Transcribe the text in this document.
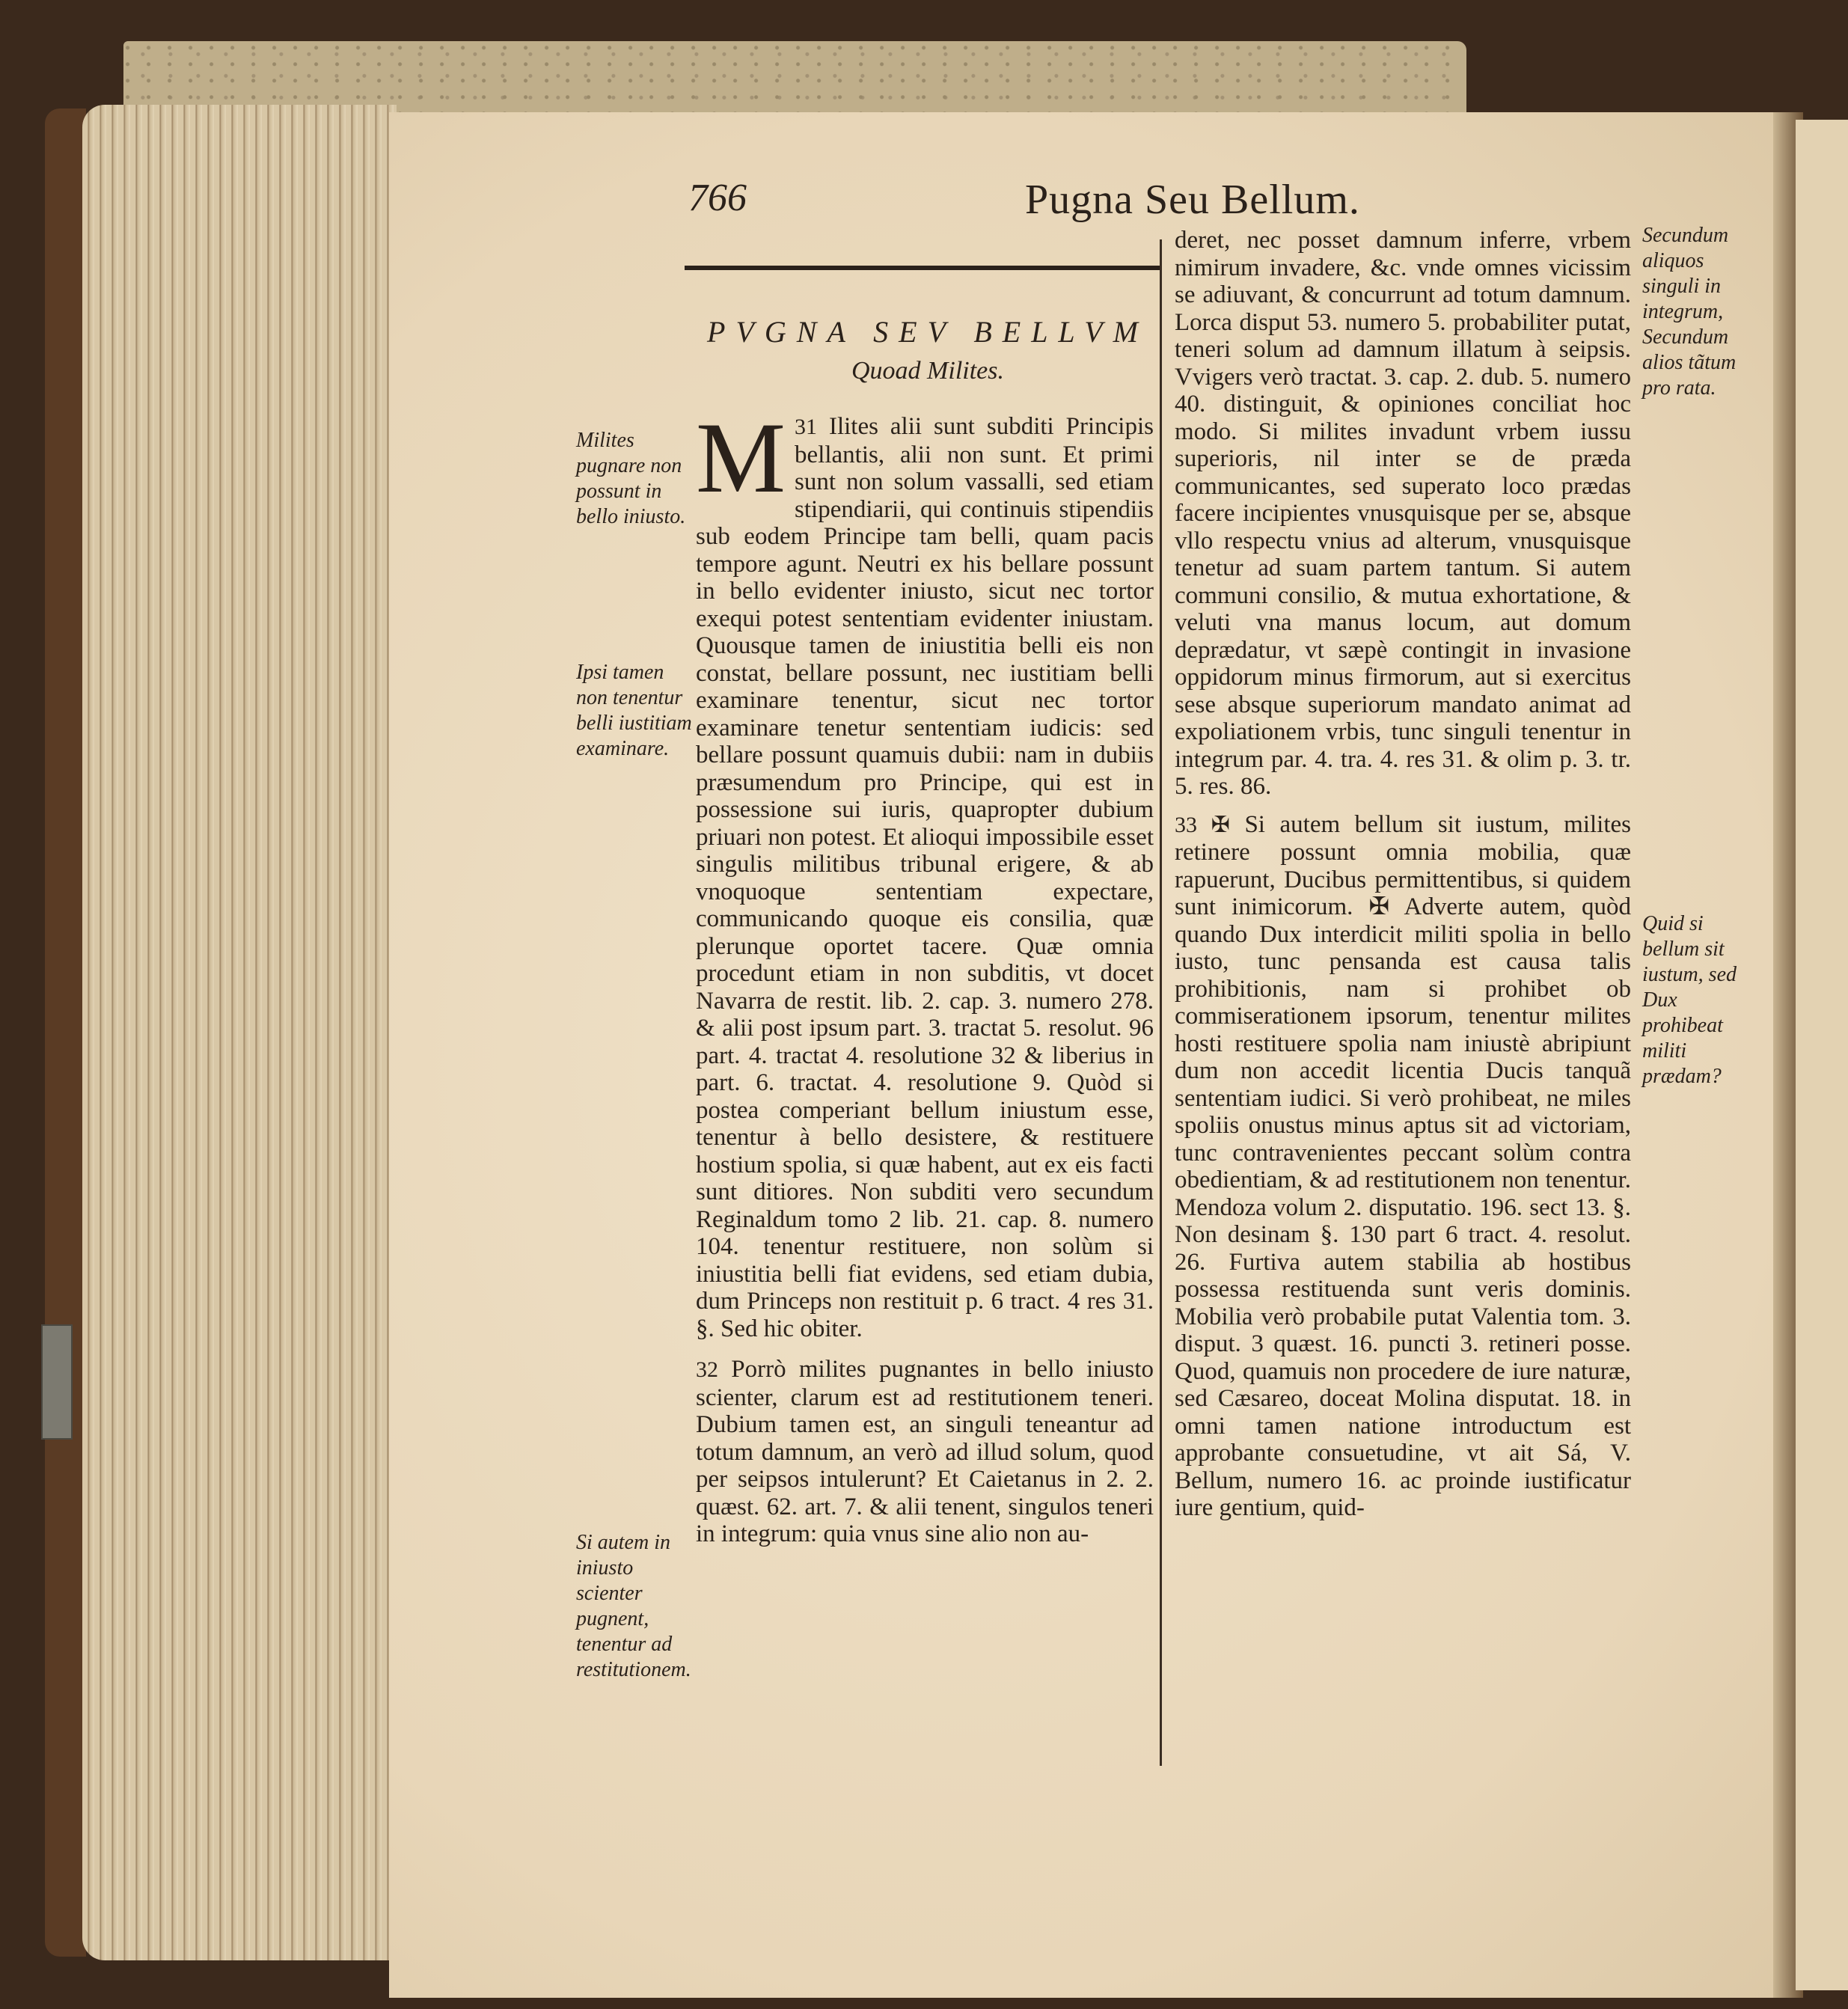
766	Pugna Seu Bellum.
PVGNA SEV BELLVM
Quoad Milites.

31
M Ilites alii sunt subditi Principis bellantis, alii non sunt. Et primi sunt non solum vassalli, sed etiam stipendiarii, qui continuis stipendiis sub eodem Principe tam belli, quam pacis tempore agunt. Neutri ex his bellare possunt in bello evidenter iniusto, sicut nec tortor exequi potest sententiam evidenter iniustam. Quousque tamen de iniustitia belli eis non constat, bellare possunt, nec iustitiam belli examinare tenentur, sicut nec tortor examinare tenetur sententiam iudicis: sed bellare possunt quamuis dubii: nam in dubiis præsumendum pro Principe, qui est in possessione sui iuris, quapropter dubium priuari non potest. Et alioqui impossibile esset singulis militibus tribunal erigere, & ab vnoquoque sententiam expectare, communicando quoque eis consilia, quæ plerunque oportet tacere. Quæ omnia procedunt etiam in non subditis, vt docet Navarra de restit. lib. 2. cap. 3. numero 278. & alii post ipsum part. 3. tractat 5. resolut. 96 part. 4. tractat 4. resolutione 32 & liberius in part. 6. tractat. 4. resolutione 9. Quòd si postea comperiant bellum iniustum esse, tenentur à bello desistere, & restituere hostium spolia, si quæ habent, aut ex eis facti sunt ditiores. Non subditi vero secundum Reginaldum tomo 2 lib. 21. cap. 8. numero 104. tenentur restituere, non solùm si iniustitia belli fiat evidens, sed etiam dubia, dum Princeps non restituit p. 6 tract. 4 res 31. §. Sed hic obiter.

32 Porrò milites pugnantes in bello iniusto scienter, clarum est ad restitutionem teneri. Dubium tamen est, an singuli teneantur ad totum damnum, an verò ad illud solum, quod per seipsos intulerunt? Et Caietanus in 2. 2. quæst. 62. art. 7. & alii tenent, singulos teneri in integrum: quia vnus sine alio non au-

deret, nec posset damnum inferre, vrbem nimirum invadere, &c. vnde omnes vicissim se adiuvant, & concurrunt ad totum damnum. Lorca disput 53. numero 5. probabiliter putat, teneri solum ad damnum illatum à seipsis. Vvigers verò tractat. 3. cap. 2. dub. 5. numero 40. distinguit, & opiniones conciliat hoc modo. Si milites invadunt vrbem iussu superioris, nil inter se de præda communicantes, sed superato loco prædas facere incipientes vnusquisque per se, absque vllo respectu vnius ad alterum, vnusquisque tenetur ad suam partem tantum. Si autem communi consilio, & mutua exhortatione, & veluti vna manus locum, aut domum deprædatur, vt sæpè contingit in invasione oppidorum minus firmorum, aut si exercitus sese absque superiorum mandato animat ad expoliationem vrbis, tunc singuli tenentur in integrum par. 4. tra. 4. res 31. & olim p. 3. tr. 5. res. 86.

33 ✠ Si autem bellum sit iustum, milites retinere possunt omnia mobilia, quæ rapuerunt, Ducibus permittentibus, si quidem sunt inimicorum. ✠ Adverte autem, quòd quando Dux interdicit militi spolia in bello iusto, tunc pensanda est causa talis prohibitionis, nam si prohibet ob commiserationem ipsorum, tenentur milites hosti restituere spolia nam iniustè abripiunt dum non accedit licentia Ducis tanquã sententiam iudici. Si verò prohibeat, ne miles spoliis onustus minus aptus sit ad victoriam, tunc contravenientes peccant solùm contra obedientiam, & ad restitutionem non tenentur. Mendoza volum 2. disputatio. 196. sect 13. §. Non desinam §. 130 part 6 tract. 4. resolut. 26. Furtiva autem stabilia ab hostibus possessa restituenda sunt veris dominis. Mobilia verò probabile putat Valentia tom. 3. disput. 3 quæst. 16. puncti 3. retineri posse. Quod, quamuis non procedere de iure naturæ, sed Cæsareo, doceat Molina disputat. 18. in omni tamen natione introductum est approbante consuetudine, vt ait Sá, V. Bellum, numero 16. ac proinde iustificatur iure gentium, quid-

Milites pugnare non possunt in bello iniusto.
Ipsi tamen non tenentur belli iustitiam examinare.
Si autem in iniusto scienter pugnent, tenentur ad restitutionem.
Secundum aliquos singuli in integrum, Secundum alios tãtum pro rata.
Quid si bellum sit iustum, sed Dux prohibeat militi prædam?
